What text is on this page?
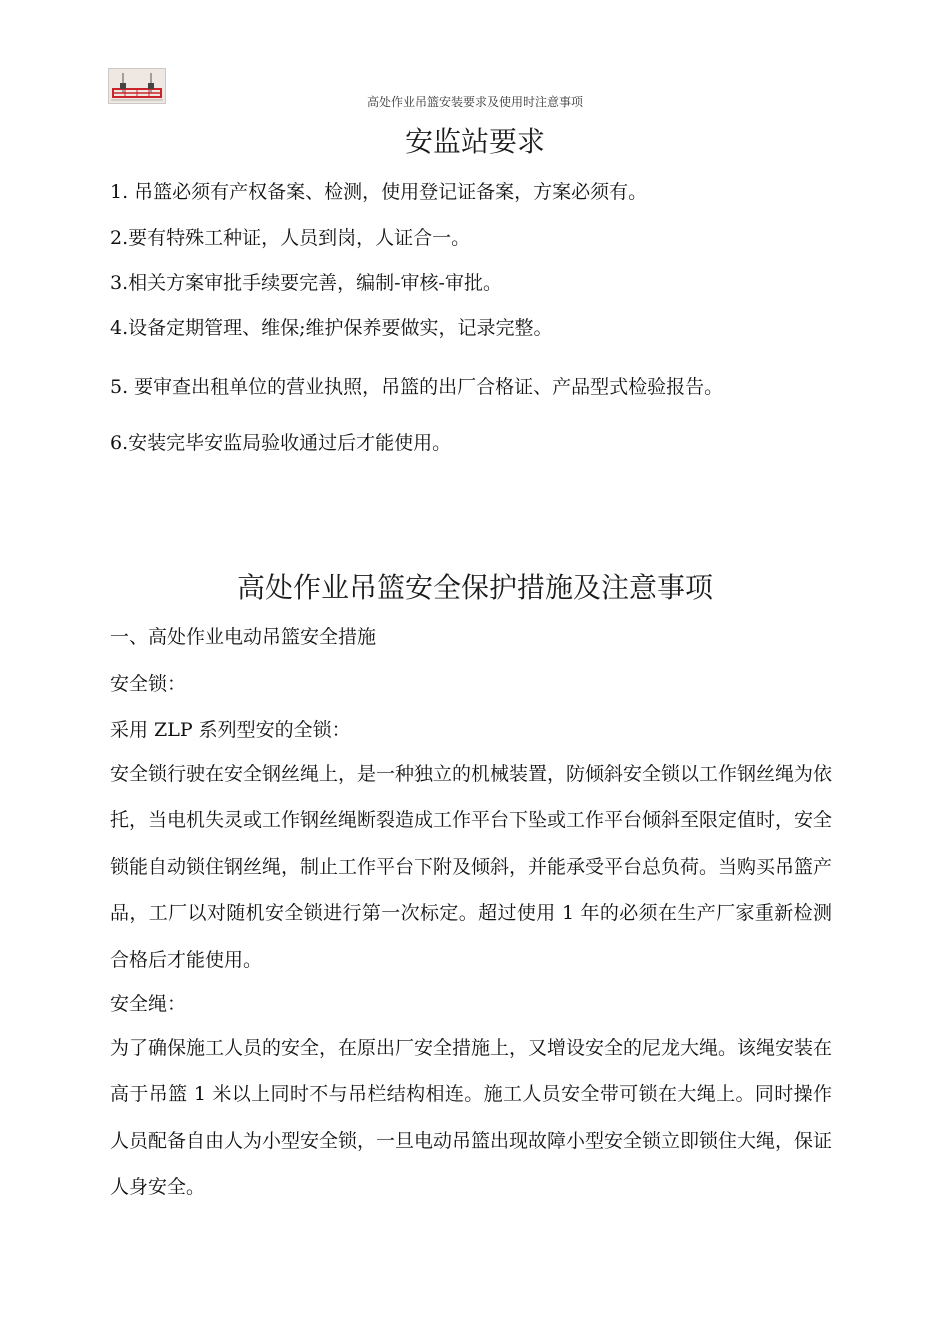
高处作业吊篮安装要求及使用时注意事项
安监站要求
1. 吊篮必须有产权备案、检测，使用登记证备案，方案必须有。
2.要有特殊工种证，人员到岗，人证合一。
3.相关方案审批手续要完善，编制-审核-审批。
4.设备定期管理、维保;维护保养要做实，记录完整。
5. 要审查出租单位的营业执照，吊篮的出厂合格证、产品型式检验报告。
6.安装完毕安监局验收通过后才能使用。
高处作业吊篮安全保护措施及注意事项
一、高处作业电动吊篮安全措施
安全锁：
采用 ZLP 系列型安的全锁：
安全锁行驶在安全钢丝绳上，是一种独立的机械装置，防倾斜安全锁以工作钢丝绳为依托，当电机失灵或工作钢丝绳断裂造成工作平台下坠或工作平台倾斜至限定值时，安全锁能自动锁住钢丝绳，制止工作平台下附及倾斜，并能承受平台总负荷。当购买吊篮产品，工厂以对随机安全锁进行第一次标定。超过使用 1 年的必须在生产厂家重新检测合格后才能使用。
安全绳：
为了确保施工人员的安全，在原出厂安全措施上，又增设安全的尼龙大绳。该绳安装在高于吊篮 1 米以上同时不与吊栏结构相连。施工人员安全带可锁在大绳上。同时操作人员配备自由人为小型安全锁，一旦电动吊篮出现故障小型安全锁立即锁住大绳，保证人身安全。
